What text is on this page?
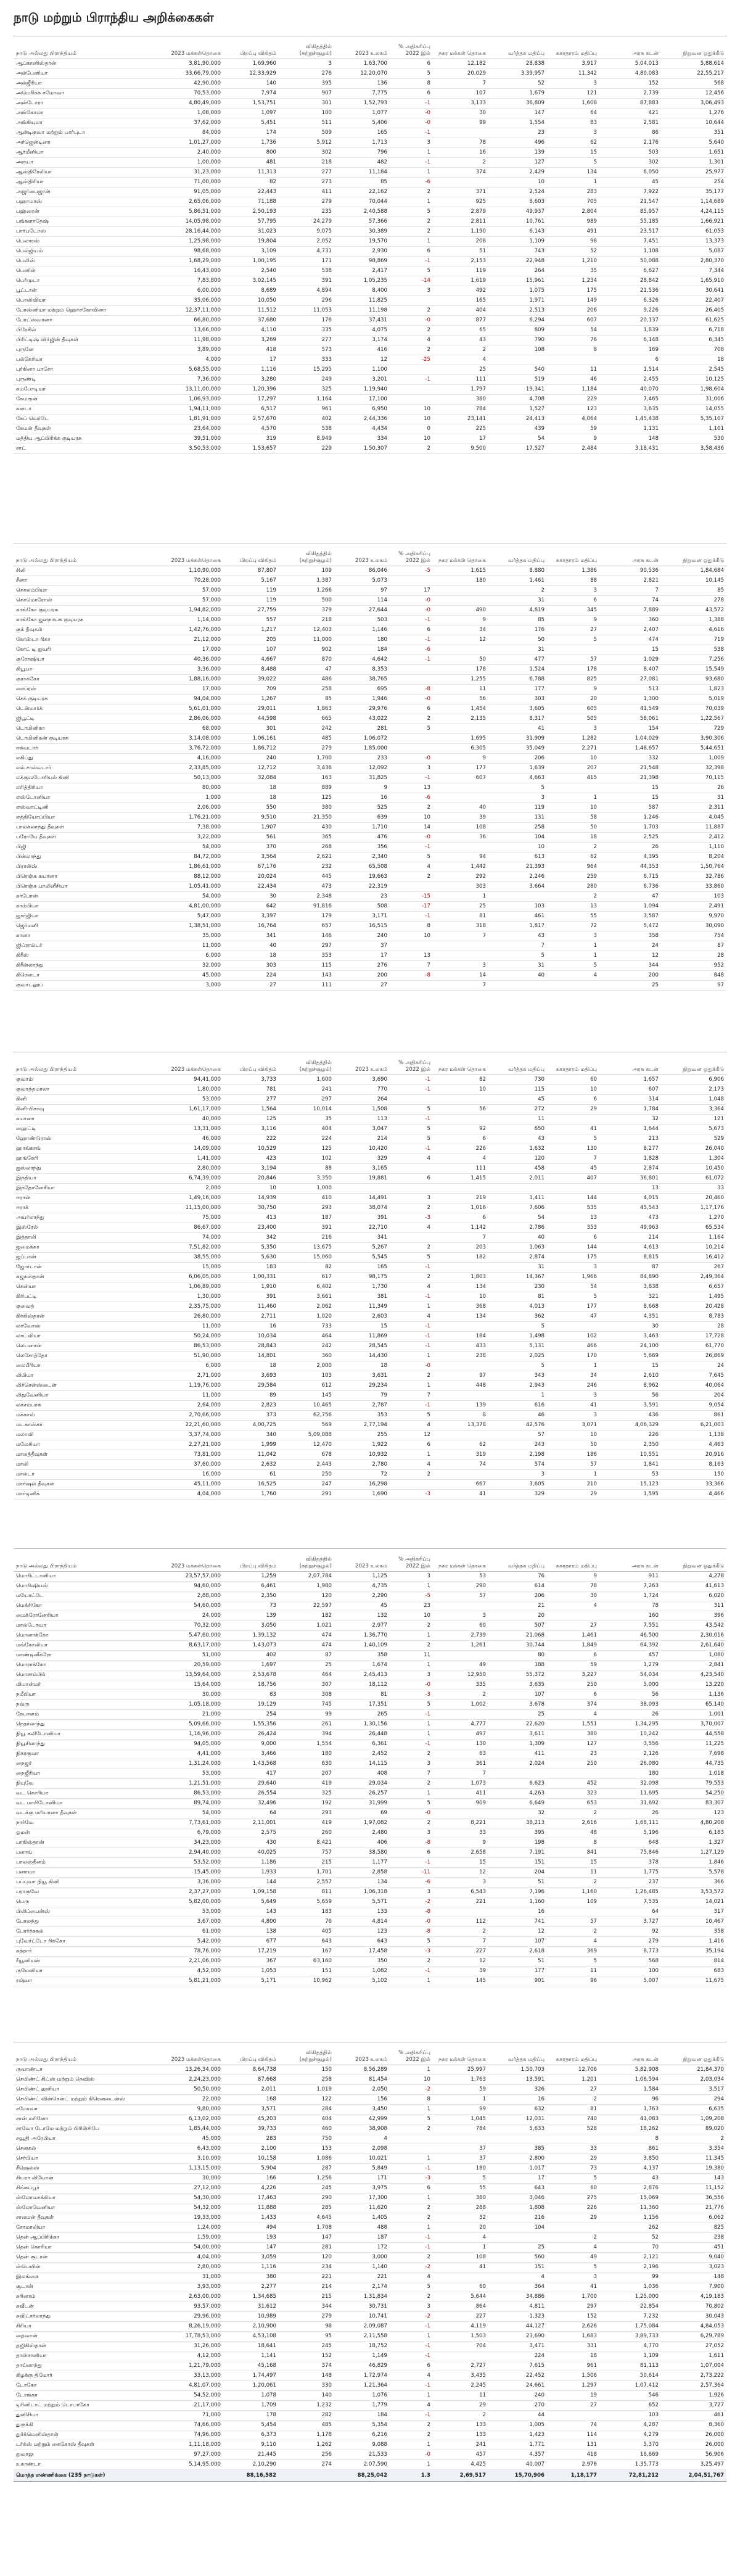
நாடு மற்றும் பிராந்திய அறிக்கைகள்
நாடு அல்லது பிராந்தியம்	2023 மக்கள்தொகை	பிறப்பு விகிதம்	விகிதத்தில் (சுற்றுச்சூழல்)	2023 உலகம்	% அதிகரிப்பு 2022 இல்	நகர மக்கள் தொகை	வர்த்தக மதிப்பு	சுகாதாரம் மதிப்பு	அரசு கடன்	நிறுவன ஒதுக்கீடு
ஆப்கானிஸ்தான்	3,81,90,000	1,69,960	3	1,63,700	6	12,182	28,838	3,917	5,04,013	5,88,614
அல்பேனியா	33,66,79,000	12,33,929	276	12,20,070	5	20,029	3,39,957	11,342	4,80,083	22,55,217
அல்ஜீரியா	42,90,000	140	395	136	8	7	52	3	152	568
அமெரிக்க சமோவா	70,53,000	7,974	907	7,775	6	107	1,679	121	2,739	12,456
அன்டோரா	4,80,49,000	1,53,751	301	1,52,793	-1	3,133	36,809	1,608	87,883	3,06,493
அங்கோலா	1,08,000	1,097	100	1,077	-0	30	147	64	421	1,276
அங்கியுலா	37,62,000	5,451	511	5,406	-0	99	1,554	83	2,581	10,644
ஆன்டிகுவா மற்றும் பார்புடா	84,000	174	509	165	-1		23	3	86	351
அர்ஜென்டினா	1,01,27,000	1,736	5,912	1,713	3	78	496	62	2,176	5,640
ஆர்மீனியா	2,40,000	800	302	796	1	16	139	15	503	1,651
அருபா	1,00,000	481	218	482	-1	2	127	5	302	1,301
ஆஸ்திரேலியா	31,23,000	11,313	277	11,184	1	374	2,429	134	6,050	25,977
ஆஸ்திரியா	71,00,000	82	273	85	-6		10	1	45	254
அஜர்பைஜான்	91,05,000	22,443	411	22,162	2	371	2,524	283	7,922	35,177
பஹாமாஸ்	2,65,06,000	71,188	279	70,044	1	925	8,603	705	21,547	1,14,689
பஹ்ரைன்	5,86,51,000	2,50,193	235	2,40,588	5	2,879	49,937	2,804	85,957	4,24,115
பங்களாதேஷ்	14,05,98,000	57,795	24,279	57,366	2	2,811	10,761	989	55,185	1,66,921
பார்படோஸ்	28,16,44,000	31,023	9,075	30,389	2	1,190	6,143	491	23,517	61,053
பெலாரஸ்	1,25,98,000	19,804	2,052	19,570	1	208	1,109	98	7,451	13,373
பெல்ஜியம்	98,68,000	3,109	4,731	2,930	6	51	743	52	1,108	5,087
பெலிஸ்	1,68,29,000	1,00,195	171	98,869	-1	2,153	22,948	1,210	50,088	2,80,370
பெனின்	16,43,000	2,540	538	2,417	5	119	264	35	6,627	7,344
பெர்முடா	7,83,800	3,02,145	391	1,05,235	-14	1,619	15,961	1,234	28,842	1,65,910
பூட்டான்	6,00,000	8,689	4,894	8,400	3	492	1,075	175	21,536	30,641
பொலிவியா	35,06,000	10,050	296	11,825		165	1,971	149	6,326	22,407
போஸ்னியா மற்றும் ஹெர்சகோவினா	12,37,11,000	11,512	11,053	11,198	2	404	2,513	206	9,226	26,405
போட்ஸ்வானா	66,80,000	37,680	176	37,431	-0	877	6,294	607	20,137	61,625
பிரேசில்	13,66,000	4,110	335	4,075	2	65	809	54	1,839	6,718
பிரிட்டிஷ் விர்ஜின் தீவுகள்	11,98,000	3,269	277	3,174	4	43	790	76	6,148	6,345
புருனே	3,89,000	418	573	416	2	2	108	8	169	708
பல்கேரியா	4,000	17	333	12	-25	4			6	18
புர்கினா பாசோ	5,68,55,000	1,116	15,295	1,100		25	540	11	1,514	2,545
புருண்டி	7,36,000	3,280	249	3,201	-1	111	519	46	2,455	10,125
கம்போடியா	13,11,00,000	1,20,396	325	1,19,940		1,797	19,341	1,184	40,070	1,98,604
கேமரூன்	1,06,93,000	17,297	1,164	17,100		380	4,708	229	7,465	31,006
கனடா	1,94,11,000	6,517	961	6,950	10	784	1,527	123	3,635	14,055
கேப் வெர்டே	1,81,91,000	2,57,670	402	2,44,336	10	23,141	24,413	4,064	1,45,438	5,35,107
கேமன் தீவுகள்	23,64,000	4,570	538	4,434	0	225	439	59	1,131	1,101
மத்திய ஆப்பிரிக்க குடியரசு	39,51,000	319	8,949	334	10	17	54	9	148	530
சாட்	3,50,53,000	1,53,657	229	1,50,307	2	9,500	17,527	2,484	3,18,431	3,58,436
நாடு அல்லது பிராந்தியம்	2023 மக்கள்தொகை	பிறப்பு விகிதம்	விகிதத்தில் (சுற்றுச்சூழல்)	2023 உலகம்	% அதிகரிப்பு 2022 இல்	நகர மக்கள் தொகை	வர்த்தக மதிப்பு	சுகாதாரம் மதிப்பு	அரசு கடன்	நிறுவன ஒதுக்கீடு
சிலி	1,10,90,000	87,807	109	86,046	-5	1,615	8,880	1,386	90,536	1,84,684
சீனா	70,28,000	5,167	1,387	5,073		180	1,461	88	2,821	10,145
கொலம்பியா	57,000	119	1,266	97	17		2	3	7	85
கொமொரோஸ்	57,000	119	500	114	-0		31	6	74	278
காங்கோ குடியரசு	1,94,82,000	27,759	379	27,644	-0	490	4,819	345	7,889	43,572
காங்கோ ஜனநாயக குடியரசு	1,14,000	557	218	503	-1	9	85	9	360	1,388
குக் தீவுகள்	1,42,76,000	1,217	12,403	1,146	6	34	176	27	2,407	4,616
கோஸ்டா ரிகா	21,12,000	205	11,000	180	-1	12	50	5	474	719
கோட் டி ஐவரி	17,000	107	902	184	-6		31		15	538
குரோஷியா	40,36,000	4,667	870	4,642	-1	50	477	57	1,029	7,256
கியூபா	3,36,000	8,488	47	8,353		178	1,524	178	8,407	15,549
குராக்கோ	1,88,16,000	39,022	486	38,765		1,255	6,788	825	27,081	93,680
சைப்ரஸ்	17,000	709	258	695	-8	11	177	9	513	1,823
செக் குடியரசு	94,04,000	1,267	85	1,946	-0	56	303	20	1,300	5,019
டென்மார்க்	5,61,01,000	29,011	1,863	29,976	6	1,454	3,605	605	41,549	70,039
ஜிபூட்டி	2,86,06,000	44,598	665	43,022	2	2,135	8,317	505	58,061	1,22,567
டொமினிகா	68,000	301	242	281	5		41	3	154	729
டொமினிகன் குடியரசு	3,14,08,000	1,06,161	485	1,06,072		1,695	31,909	1,282	1,04,029	3,90,306
ஈக்வடார்	3,76,72,000	1,86,712	279	1,85,000		6,305	35,049	2,271	1,48,657	5,44,651
எகிப்து	4,16,000	240	1,700	233	-0	9	206	10	332	1,009
எல் சால்வடார்	2,33,85,000	12,712	3,436	12,092	3	177	1,639	207	21,548	32,398
எக்குவடோரியல் கினி	50,13,000	32,084	163	31,825	-1	607	4,663	415	21,398	70,115
எரித்திரியா	80,000	18	889	9	13		5		15	26
எஸ்டோனியா	1,000	18	125	16	-6		3	1	15	31
எஸ்வாட்டினி	2,06,000	550	380	525	2	40	119	10	587	2,311
எத்தியோப்பியா	1,76,21,000	9,510	21,350	639	10	39	131	58	1,246	4,045
பால்க்லாந்து தீவுகள்	7,38,000	1,907	430	1,710	14	108	258	50	1,703	11,887
பரோயே தீவுகள்	3,22,000	561	365	476	-0	36	104	18	2,525	2,412
பிஜி	54,000	370	268	356	-1		10	2	26	1,110
பின்லாந்து	84,72,000	3,564	2,621	2,340	5	94	613	62	4,395	8,204
பிரான்ஸ்	1,86,61,000	67,176	232	65,508	4	1,442	21,393	964	44,353	1,50,764
பிரெஞ்சு கயானா	88,12,000	20,024	445	19,663	2	292	2,246	259	6,715	32,786
பிரெஞ்சு பாலினீசியா	1,05,41,000	22,434	473	22,319		303	3,664	280	6,736	33,860
காபோன்	54,000	30	2,348	23	-15	1		2	47	103
காம்பியா	4,81,00,000	642	91,816	508	-17	25	103	13	1,094	2,491
ஜார்ஜியா	5,47,000	3,397	179	3,171	-1	81	461	55	3,587	9,970
ஜெர்மனி	1,38,51,000	16,764	657	16,515	8	318	1,817	72	5,472	30,090
கானா	35,000	341	146	240	10	7	43	3	358	754
ஜிப்ரால்டர்	11,000	40	297	37			7	1	24	87
கிரீஸ்	6,000	18	353	17	13		5	1	12	28
கிரீன்லாந்து	32,000	303	115	276	7	3	31	5	344	952
கிரெனடா	45,000	224	143	200	-8	14	40	4	200	848
குவாடலூப்	3,000	27	111	27		7			25	97
நாடு அல்லது பிராந்தியம்	2023 மக்கள்தொகை	பிறப்பு விகிதம்	விகிதத்தில் (சுற்றுச்சூழல்)	2023 உலகம்	% அதிகரிப்பு 2022 இல்	நகர மக்கள் தொகை	வர்த்தக மதிப்பு	சுகாதாரம் மதிப்பு	அரசு கடன்	நிறுவன ஒதுக்கீடு
குவாம்	94,41,000	3,733	1,600	3,690	-1	82	730	60	1,657	6,906
குவாத்தமாலா	1,80,000	781	241	770	-1	10	115	10	607	2,173
கினி	53,000	277	297	264			45	6	314	1,048
கினி-பிசாவு	1,61,17,000	1,564	10,014	1,508	5	56	272	29	1,784	3,364
கயானா	40,000	125	35	113	-1		11		32	121
ஹைட்டி	13,31,000	3,116	404	3,047	5	92	650	41	1,644	5,673
ஹோண்டுராஸ்	46,000	222	224	214	5	6	43	5	213	529
ஹாங்காங்	14,09,000	10,529	125	10,420	-1	226	1,632	130	8,277	26,040
ஹங்கேரி	1,41,000	423	102	329	4	4	120	7	1,828	1,304
ஐஸ்லாந்து	2,80,000	3,194	88	3,165		111	458	45	2,874	10,450
இந்தியா	6,74,39,000	20,846	3,350	19,881	6	1,415	2,011	407	36,801	61,072
இந்தோனேசியா	2,000	10	1,000						13	33
ஈரான்	1,49,16,000	14,939	410	14,491	3	219	1,411	144	4,015	20,460
ஈராக்	11,15,00,000	30,750	293	38,074	2	1,016	7,606	535	45,543	1,17,176
அயர்லாந்து	75,000	413	187	391	-3	6	54	13	473	1,270
இஸ்ரேல்	86,67,000	23,400	391	22,710	4	1,142	2,786	353	49,963	65,534
இத்தாலி	74,000	342	216	341		7	40	6	214	1,164
ஜமைக்கா	7,51,82,000	5,350	13,675	5,267	2	203	1,063	144	4,613	10,214
ஜப்பான்	38,55,000	5,630	15,060	5,545	5	182	2,874	175	8,815	16,412
ஜோர்டான்	15,000	183	82	165	-1		31	3	87	267
கஜகஸ்தான்	6,06,05,000	1,00,331	617	98,175	2	1,803	14,367	1,966	84,890	2,49,364
கென்யா	1,06,89,000	1,910	6,402	1,730	4	134	230	54	3,838	6,657
கிரிபட்டி	1,30,000	391	3,661	381	-1	10	81	5	321	1,495
குவைத்	2,35,75,000	11,460	2,062	11,349	1	368	4,013	177	8,668	20,428
கிர்கிஸ்தான்	26,80,000	2,711	1,020	2,603	4	134	362	47	4,351	8,783
லாவோஸ்	11,000	16	733	15	-1		5		30	28
லாட்வியா	50,24,000	10,034	464	11,869	-1	184	1,498	102	3,463	17,728
லெபனான்	86,53,000	28,843	242	28,545	-1	433	5,131	466	24,100	61,770
லெசோத்தோ	51,90,000	14,801	360	14,430	1	238	2,025	170	5,669	26,869
லைபீரியா	6,000	18	2,000	18	-0		5	1	15	24
லிபியா	2,71,000	3,693	103	3,631	2	97	343	34	2,610	7,645
லிச்சென்ஸ்டைன்	1,19,76,000	29,584	612	29,234	1	448	2,943	246	8,962	40,064
லிதுவேனியா	11,000	89	145	79	7		1	3	56	204
லக்சம்பர்க்	2,64,000	2,823	10,465	2,787	-1	139	616	41	3,591	9,054
மக்காவ்	2,70,66,000	373	62,756	353	5	8	46	3	436	861
மடகாஸ்கர்	22,21,60,000	4,00,725	569	2,77,194	4	13,378	42,576	3,071	4,06,329	6,21,003
மலாவி	3,37,74,000	340	5,09,088	255	12		57	10	226	1,138
மலேசியா	2,27,21,000	1,999	12,470	1,922	6	62	243	50	2,350	4,463
மாலத்தீவுகள்	73,81,000	11,042	678	10,932	1	319	2,198	186	10,551	20,916
மாலி	37,60,000	2,632	2,443	2,780	4	74	574	57	1,841	8,163
மால்டா	16,000	61	250	72	2		3	1	53	150
மார்ஷல் தீவுகள்	45,11,000	16,525	247	16,298		667	3,605	210	15,123	33,366
மார்டினிக்	4,04,000	1,760	291	1,690	-3	41	329	29	1,595	4,466
நாடு அல்லது பிராந்தியம்	2023 மக்கள்தொகை	பிறப்பு விகிதம்	விகிதத்தில் (சுற்றுச்சூழல்)	2023 உலகம்	% அதிகரிப்பு 2022 இல்	நகர மக்கள் தொகை	வர்த்தக மதிப்பு	சுகாதாரம் மதிப்பு	அரசு கடன்	நிறுவன ஒதுக்கீடு
மொரிட்டானியா	23,57,57,000	1,259	2,07,784	1,125	3	53	76	9	911	4,278
மொரிஷியஸ்	94,60,000	6,461	1,980	4,735	1	290	614	78	7,263	41,613
மயோட்டே	2,88,000	2,350	120	2,290	-5	57	206	30	1,724	6,020
மெக்சிகோ	54,60,000	73	22,597	45	23		21	4	78	311
மைக்ரோனேசியா	24,000	139	182	132	10	3	20		160	396
மால்டோவா	70,32,000	3,050	1,021	2,977	2	60	507	27	7,551	43,542
மொனாக்கோ	5,47,60,000	1,39,132	474	1,36,770	1	2,739	21,068	1,461	46,500	2,30,016
மங்கோலியா	8,63,17,000	1,43,073	474	1,40,109	2	1,261	30,744	1,849	64,392	2,61,640
மாண்டினீக்ரோ	51,000	402	87	358	11		80	6	457	1,080
மொராக்கோ	20,59,000	1,697	25	1,674	1	49	188	59	1,279	2,841
மொசாம்பிக்	13,59,64,000	2,53,678	464	2,45,413	3	12,950	55,372	3,227	54,034	4,23,540
மியான்மர்	15,64,000	18,756	307	18,112	-0	335	3,635	250	5,000	13,220
நமீபியா	30,000	83	308	81	-3	2	107	6	56	1,136
நவ்ரு	1,05,18,000	19,129	745	17,351	5	1,002	3,678	374	38,093	65,140
நேபாளம்	21,000	254	99	265	-1		25	4	26	1,001
நெதர்லாந்து	5,09,66,000	1,55,356	261	1,30,156	1	4,777	22,620	1,551	1,34,295	3,70,007
நியூ கலிடோனியா	1,16,96,000	26,424	394	26,448	1	497	3,611	380	10,242	44,558
நியூசிலாந்து	94,05,000	9,000	1,554	6,361	-1	130	1,309	127	3,556	11,225
நிகரகுவா	4,41,000	3,466	180	2,452	2	63	411	23	2,126	7,698
நைஜர்	1,31,24,000	1,43,568	630	14,115	3	361	2,024	250	26,080	44,735
நைஜீரியா	53,000	417	207	408	7	7			180	1,018
நியுவே	1,21,51,000	29,640	419	29,034	2	1,073	6,623	452	32,098	79,553
வட கொரியா	86,53,000	26,554	325	26,257	1	411	4,263	323	11,695	54,250
வட மாசிடோனியா	89,74,000	32,496	192	31,999	5	909	6,649	653	31,692	83,307
வடக்கு மரியானா தீவுகள்	54,000	64	293	69	-0		32	2	26	123
நார்வே	7,73,61,000	2,11,001	419	1,97,082	2	8,221	38,213	2,616	1,68,111	4,80,208
ஓமன்	6,79,000	2,575	260	2,480	3	33	395	48	5,196	6,183
பாகிஸ்தான்	34,23,000	430	8,421	406	-8	9	198	8	648	1,327
பலாவ்	2,94,40,000	40,025	757	38,580	6	2,658	7,191	841	75,846	1,27,129
பாலஸ்தீனம்	53,52,000	1,186	215	1,177	-1	15	151	15	378	1,846
பனாமா	15,45,000	1,933	1,701	2,858	-11	12	204	11	1,775	5,578
பப்புவா நியூ கினி	3,36,000	144	2,557	134	-6	3	51	2	237	366
பராகுவே	2,37,27,000	1,09,158	811	1,06,318	3	6,543	7,196	1,160	1,26,485	3,53,572
பெரு	5,82,00,000	5,649	5,659	5,571	-2	221	1,160	109	7,535	14,021
பிலிப்பைன்ஸ்	53,000	143	183	133	-8		16		64	317
போலந்து	3,67,000	4,800	76	4,814	-0	112	741	57	3,727	10,467
போர்ச்சுகல்	61,000	138	405	123	-8	2	12	2	92	358
புவேர்ட்டோ ரிக்கோ	5,42,000	677	643	643	5	7	107	4	279	1,416
கத்தார்	78,76,000	17,219	167	17,458	-3	227	2,618	369	8,773	35,194
ரீயூனியன்	2,21,06,000	367	63,160	350	2	12	51	5	568	814
ருமேனியா	4,52,000	1,053	151	1,082	-1	39	177	11	100	683
ரஷ்யா	5,81,21,000	5,171	10,962	5,102	1	145	901	96	5,007	11,675
நாடு அல்லது பிராந்தியம்	2023 மக்கள்தொகை	பிறப்பு விகிதம்	விகிதத்தில் (சுற்றுச்சூழல்)	2023 உலகம்	% அதிகரிப்பு 2022 இல்	நகர மக்கள் தொகை	வர்த்தக மதிப்பு	சுகாதாரம் மதிப்பு	அரசு கடன்	நிறுவன ஒதுக்கீடு
ருவாண்டா	13,26,34,000	8,64,738	150	8,56,289	1	25,997	1,50,703	12,706	5,82,908	21,84,370
செயிண்ட் கிட்ஸ் மற்றும் நெவிஸ்	2,24,23,000	87,668	258	81,454	10	1,763	13,591	1,201	1,06,594	2,03,034
செயிண்ட் லூசியா	50,50,000	2,011	1,019	2,050	-2	59	326	27	1,584	3,517
செயிண்ட் வின்சென்ட் மற்றும் கிரெனடைன்ஸ்	22,000	168	122	156	8	1	16	2	96	294
சமோவா	9,80,000	3,571	284	3,450	1	99	632	81	1,763	6,635
சான் மரினோ	6,13,02,000	45,203	404	42,999	5	1,045	12,031	740	41,083	1,09,208
சாவோ டோமே மற்றும் பிரின்சிபே	1,85,44,000	39,733	460	38,908	2	784	5,633	528	18,262	89,020
சவூதி அரேபியா	45,000	283	750	4					8	2
செனகல்	6,43,000	2,100	153	2,098		37	385	33	861	3,354
செர்பியா	3,10,000	10,158	1,086	10,021	1	37	2,800	29	3,850	11,345
சீஷெல்ஸ்	1,13,15,000	5,904	287	5,849	-1	180	1,017	73	4,137	19,380
சியரா லியோன்	30,000	166	1,256	171	-3	5	17	5	43	143
சிங்கப்பூர்	27,12,000	4,226	245	3,975	6	55	643	60	2,876	11,152
ஸ்லோவாக்கியா	54,30,000	17,463	290	17,300	1	380	3,046	275	15,069	36,556
ஸ்லோவேனியா	54,32,000	11,888	285	11,620	2	288	1,808	226	11,360	21,776
சாலமன் தீவுகள்	19,33,000	1,433	4,645	1,405	2	32	216	29	1,156	6,062
சோமாலியா	1,24,000	494	1,708	488	1	20	104		262	825
தென் ஆப்பிரிக்கா	1,59,000	193	147	187	-1	4		2	52	238
தென் கொரியா	54,00,000	147	281	172	-1	1	25	4	70	451
தென் சூடான்	4,04,000	3,059	120	3,000	2	108	560	49	2,121	9,040
ஸ்பெயின்	2,80,000	1,116	234	1,140	-2	41	151	5	2,196	3,023
இலங்கை	31,000	380	221	221	4		4	3	99	148
சூடான்	3,93,000	2,277	214	2,174	5	60	364	41	1,036	7,900
சுரினாம்	2,63,00,000	1,34,685	215	1,31,834	2	5,644	34,886	1,700	1,25,000	4,19,183
சுவீடன்	93,57,000	31,612	344	30,731	3	864	4,811	297	22,854	70,802
சுவிட்சர்லாந்து	29,96,000	10,989	279	10,741	-2	227	1,323	152	7,232	30,043
சிரியா	8,26,19,000	2,10,900	98	2,09,087	-1	4,119	44,127	2,626	1,75,084	4,84,053
தைவான்	17,78,53,000	4,53,108	95	2,11,558	1	1,503	23,690	1,683	3,89,733	6,29,789
தஜிகிஸ்தான்	31,26,000	18,641	245	18,752	-1	704	3,471	331	4,770	27,052
தான்சானியா	4,12,000	1,141	152	1,149	-1		224	18	1,109	1,611
தாய்லாந்து	1,21,79,000	45,168	374	46,829	6	2,727	7,615	961	81,113	1,07,004
கிழக்கு திமோர்	33,13,000	1,74,497	148	1,72,974	4	3,435	22,452	1,506	50,614	2,73,222
டோகோ	4,81,07,000	1,20,061	330	1,21,364	-1	2,245	24,661	1,297	1,07,412	2,57,364
டோங்கா	54,52,000	1,078	140	1,076	1	11	240	19	546	1,926
டிரினிடாட் மற்றும் டொபாகோ	21,17,000	1,709	1,232	1,779	4	29	270	27	652	3,727
துனிசியா	71,000	178	282	184	-1	2	44		103	461
துருக்கி	74,66,000	5,454	485	5,354	2	133	1,005	74	4,287	8,360
துர்க்மெனிஸ்தான்	74,96,000	6,373	1,178	6,216	2	133	1,423	114	4,279	26,000
டர்க்ஸ் மற்றும் கைகோஸ் தீவுகள்	1,11,18,000	9,110	1,262	9,088	1	241	1,771	131	5,370	26,000
துவாலு	97,27,000	21,445	256	21,533	-0	457	4,357	418	16,669	56,906
உகாண்டா	5,14,95,000	2,10,290	274	2,07,590	1	4,425	40,007	2,976	1,35,773	3,25,497
மொத்த எண்ணிக்கை (235 நாடுகள்)		88,16,582		88,25,042	1.3	2,69,517	15,70,906	1,18,177	72,81,212	2,04,51,767
